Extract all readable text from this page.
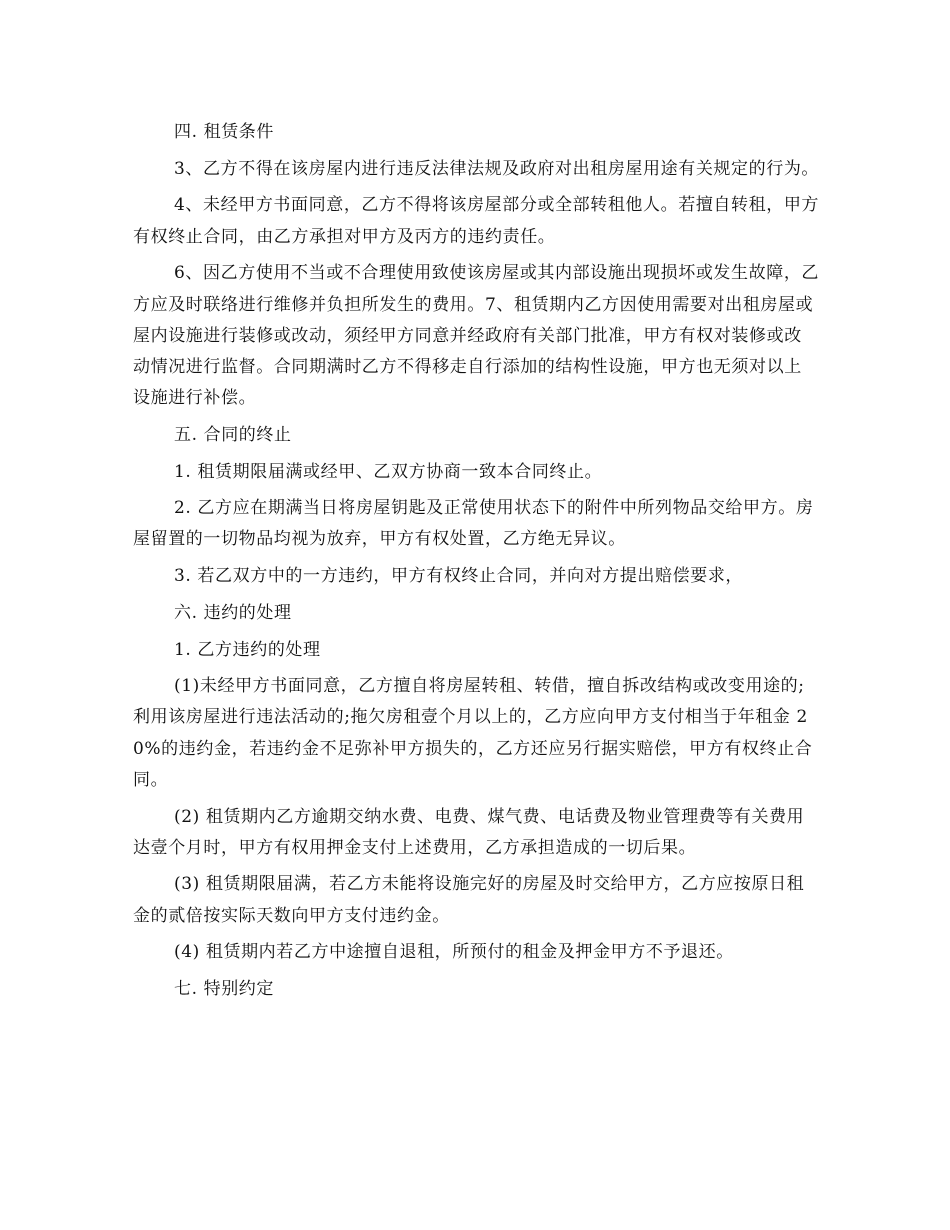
四. 租赁条件

3、乙方不得在该房屋内进行违反法律法规及政府对出租房屋用途有关规定的行为。

4、未经甲方书面同意，乙方不得将该房屋部分或全部转租他人。若擅自转租，甲方有权终止合同，由乙方承担对甲方及丙方的违约责任。

6、因乙方使用不当或不合理使用致使该房屋或其内部设施出现损坏或发生故障，乙方应及时联络进行维修并负担所发生的费用。7、租赁期内乙方因使用需要对出租房屋或屋内设施进行装修或改动，须经甲方同意并经政府有关部门批准，甲方有权对装修或改动情况进行监督。合同期满时乙方不得移走自行添加的结构性设施，甲方也无须对以上设施进行补偿。

五. 合同的终止

1. 租赁期限届满或经甲、乙双方协商一致本合同终止。

2. 乙方应在期满当日将房屋钥匙及正常使用状态下的附件中所列物品交给甲方。房屋留置的一切物品均视为放弃，甲方有权处置，乙方绝无异议。

3. 若乙双方中的一方违约，甲方有权终止合同，并向对方提出赔偿要求，

六. 违约的处理

1. 乙方违约的处理

(1)未经甲方书面同意，乙方擅自将房屋转租、转借，擅自拆改结构或改变用途的;利用该房屋进行违法活动的;拖欠房租壹个月以上的，乙方应向甲方支付相当于年租金 20%的违约金，若违约金不足弥补甲方损失的，乙方还应另行据实赔偿，甲方有权终止合同。

(2) 租赁期内乙方逾期交纳水费、电费、煤气费、电话费及物业管理费等有关费用达壹个月时，甲方有权用押金支付上述费用，乙方承担造成的一切后果。

(3) 租赁期限届满，若乙方未能将设施完好的房屋及时交给甲方，乙方应按原日租金的贰倍按实际天数向甲方支付违约金。

(4) 租赁期内若乙方中途擅自退租，所预付的租金及押金甲方不予退还。

七. 特别约定
